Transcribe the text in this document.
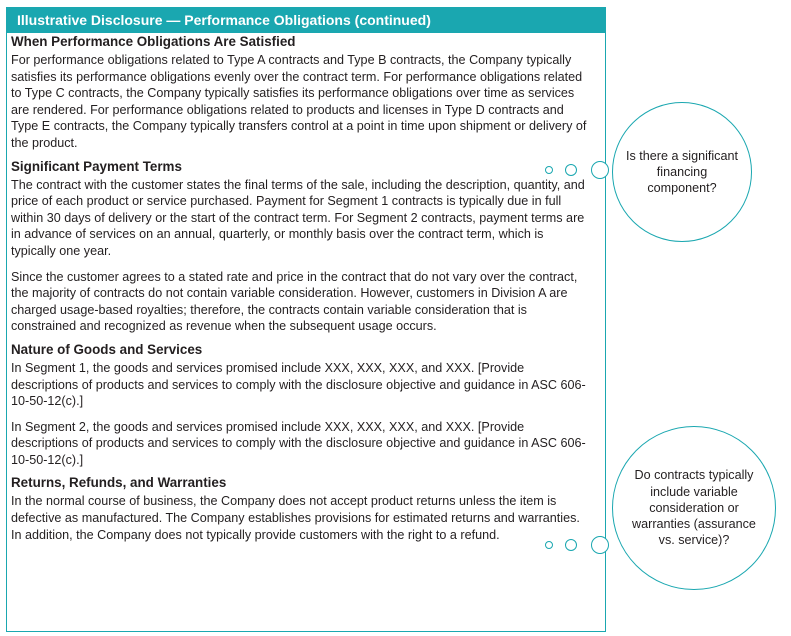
Illustrative Disclosure — Performance Obligations (continued)
When Performance Obligations Are Satisfied

For performance obligations related to Type A contracts and Type B contracts, the Company typically satisfies its performance obligations evenly over the contract term. For performance obligations related to Type C contracts, the Company typically satisfies its performance obligations over time as services are rendered. For performance obligations related to products and licenses in Type D contracts and Type E contracts, the Company typically transfers control at a point in time upon shipment or delivery of the product.

Significant Payment Terms

The contract with the customer states the final terms of the sale, including the description, quantity, and price of each product or service purchased. Payment for Segment 1 contracts is typically due in full within 30 days of delivery or the start of the contract term. For Segment 2 contracts, payment terms are in advance of services on an annual, quarterly, or monthly basis over the contract term, which is typically one year.

Since the customer agrees to a stated rate and price in the contract that do not vary over the contract, the majority of contracts do not contain variable consideration. However, customers in Division A are charged usage-based royalties; therefore, the contracts contain variable consideration that is constrained and recognized as revenue when the subsequent usage occurs.

Nature of Goods and Services

In Segment 1, the goods and services promised include XXX, XXX, XXX, and XXX. [Provide descriptions of products and services to comply with the disclosure objective and guidance in ASC 606-10-50-12(c).]

In Segment 2, the goods and services promised include XXX, XXX, XXX, and XXX. [Provide descriptions of products and services to comply with the disclosure objective and guidance in ASC 606-10-50-12(c).]

Returns, Refunds, and Warranties

In the normal course of business, the Company does not accept product returns unless the item is defective as manufactured. The Company establishes provisions for estimated returns and warranties. In addition, the Company does not typically provide customers with the right to a refund.

Is there a significant financing component?
Do contracts typically include variable consideration or warranties (assurance vs. service)?
